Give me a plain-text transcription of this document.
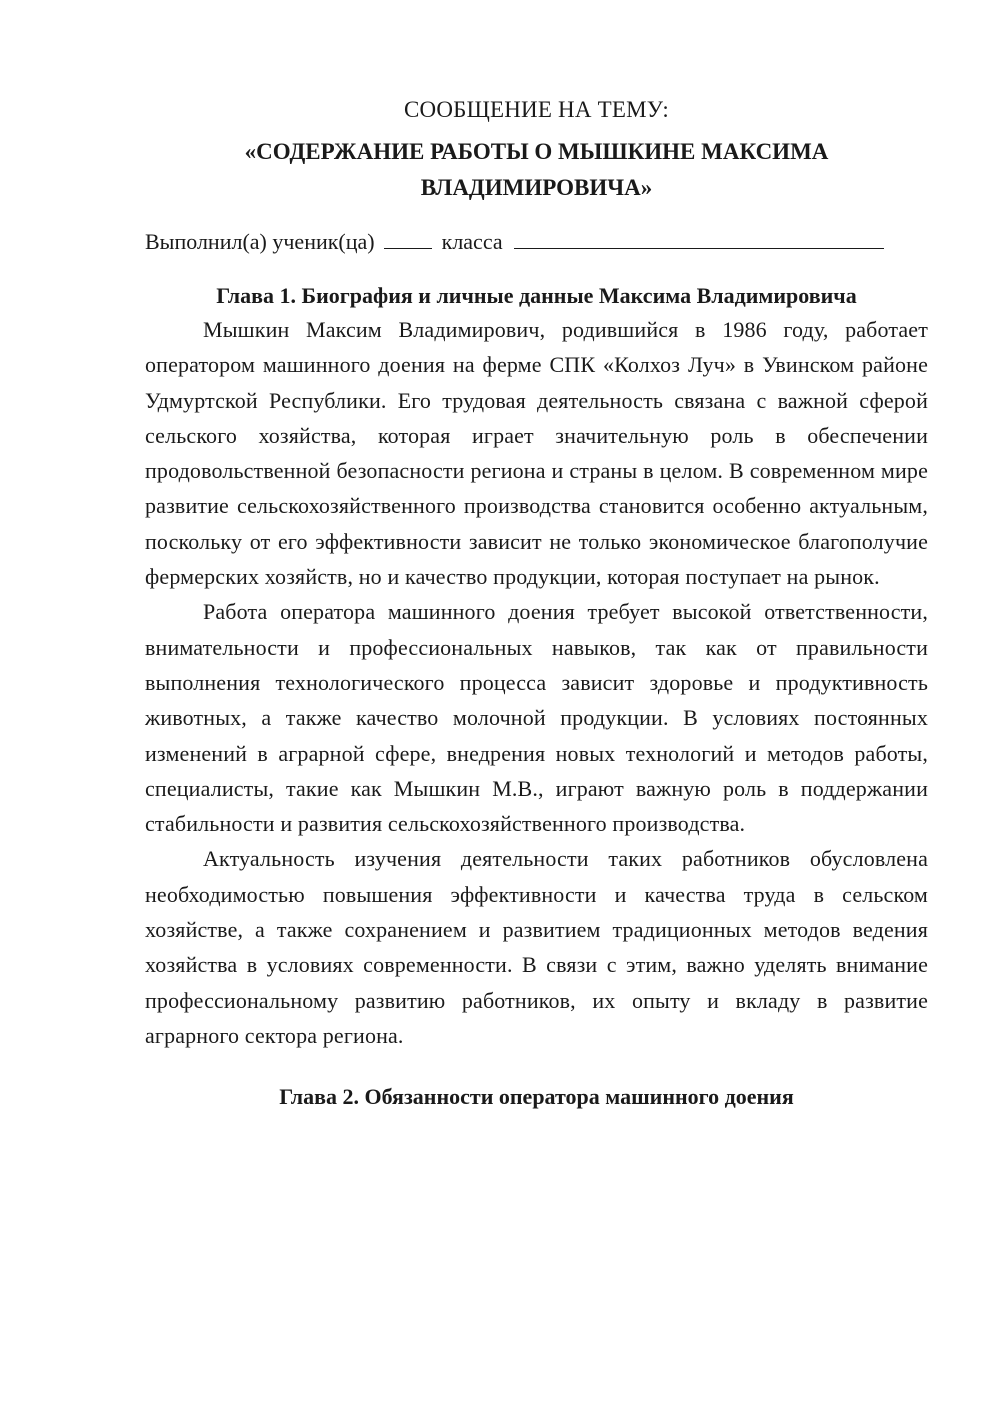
СООБЩЕНИЕ НА ТЕМУ:
«СОДЕРЖАНИЕ РАБОТЫ О МЫШКИНЕ МАКСИМА ВЛАДИМИРОВИЧА»
Выполнил(а) ученик(ца)	класса
Глава 1. Биография и личные данные Максима Владимировича

Мышкин Максим Владимирович, родившийся в 1986 году, работает оператором машинного доения на ферме СПК «Колхоз Луч» в Увинском районе Удмуртской Республики. Его трудовая деятельность связана с важной сферой сельского хозяйства, которая играет значительную роль в обеспечении продовольственной безопасности региона и страны в целом. В современном мире развитие сельскохозяйственного производства становится особенно актуальным, поскольку от его эффективности зависит не только экономическое благополучие фермерских хозяйств, но и качество продукции, которая поступает на рынок.

Работа оператора машинного доения требует высокой ответственности, внимательности и профессиональных навыков, так как от правильности выполнения технологического процесса зависит здоровье и продуктивность животных, а также качество молочной продукции. В условиях постоянных изменений в аграрной сфере, внедрения новых технологий и методов работы, специалисты, такие как Мышкин М.В., играют важную роль в поддержании стабильности и развития сельскохозяйственного производства.

Актуальность изучения деятельности таких работников обусловлена необходимостью повышения эффективности и качества труда в сельском хозяйстве, а также сохранением и развитием традиционных методов ведения хозяйства в условиях современности. В связи с этим, важно уделять внимание профессиональному развитию работников, их опыту и вкладу в развитие аграрного сектора региона.

Глава 2. Обязанности оператора машинного доения
